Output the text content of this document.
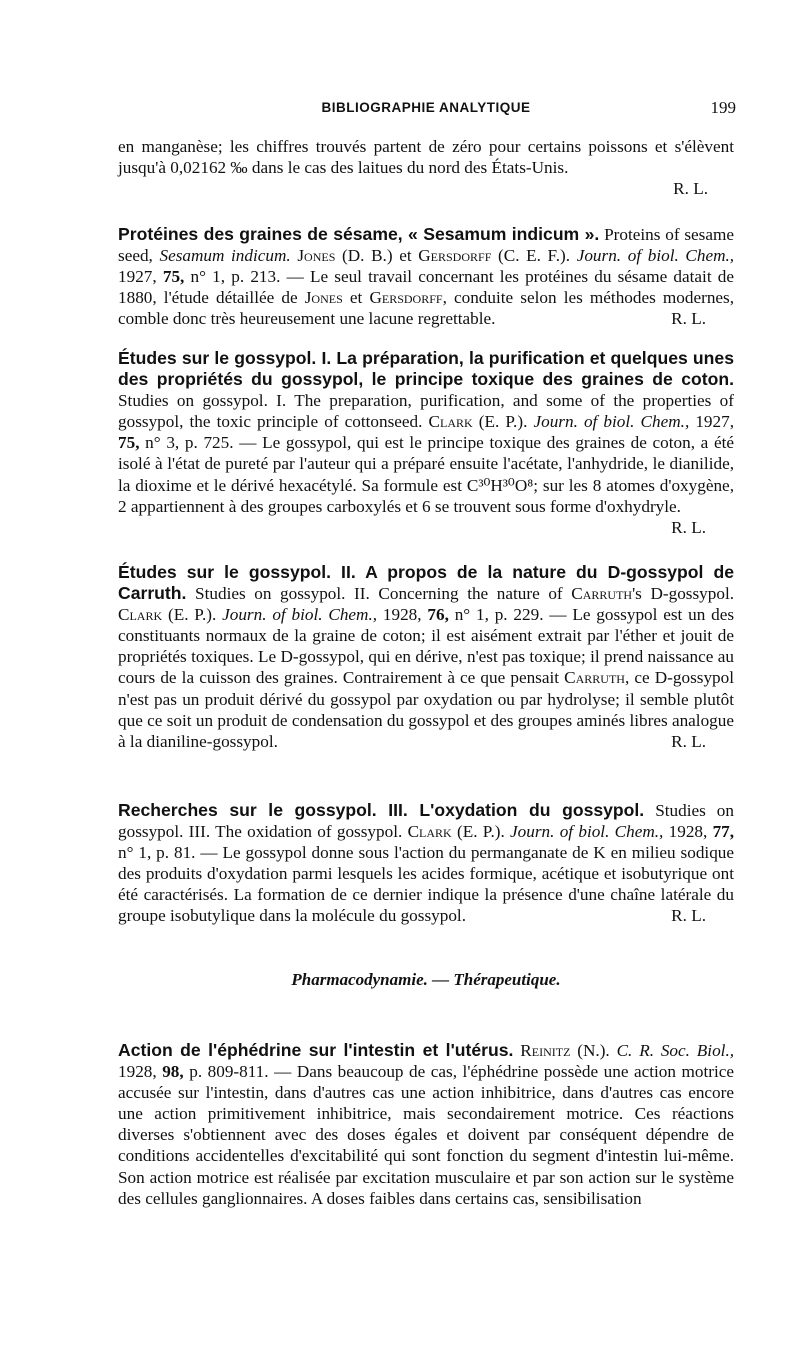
BIBLIOGRAPHIE ANALYTIQUE	199

en manganèse; les chiffres trouvés partent de zéro pour certains poissons et s'élèvent jusqu'à 0,02162 ‰ dans le cas des laitues du nord des États-Unis.
R. L.

Protéines des graines de sésame, « Sesamum indicum ». Proteins of sesame seed, Sesamum indicum. Jones (D. B.) et Gersdorff (C. E. F.). Journ. of biol. Chem., 1927, 75, n° 1, p. 213. — Le seul travail concernant les protéines du sésame datait de 1880, l'étude détaillée de Jones et Gersdorff, conduite selon les méthodes modernes, comble donc très heureusement une lacune regrettable.	R. L.

Études sur le gossypol. I. La préparation, la purification et quelques unes des propriétés du gossypol, le principe toxique des graines de coton. Studies on gossypol. I. The preparation, purification, and some of the properties of gossypol, the toxic principle of cottonseed. Clark (E. P.). Journ. of biol. Chem., 1927, 75, n° 3, p. 725. — Le gossypol, qui est le principe toxique des graines de coton, a été isolé à l'état de pureté par l'auteur qui a préparé ensuite l'acétate, l'anhydride, le dianilide, la dioxime et le dérivé hexacétylé. Sa formule est C³⁰H³⁰O⁸; sur les 8 atomes d'oxygène, 2 appartiennent à des groupes carboxylés et 6 se trouvent sous forme d'oxhydryle.
R. L.

Études sur le gossypol. II. A propos de la nature du D-gossypol de Carruth. Studies on gossypol. II. Concerning the nature of Carruth's D-gossypol. Clark (E. P.). Journ. of biol. Chem., 1928, 76, n° 1, p. 229. — Le gossypol est un des constituants normaux de la graine de coton; il est aisément extrait par l'éther et jouit de propriétés toxiques. Le D-gossypol, qui en dérive, n'est pas toxique; il prend naissance au cours de la cuisson des graines. Contrairement à ce que pensait Carruth, ce D-gossypol n'est pas un produit dérivé du gossypol par oxydation ou par hydrolyse; il semble plutôt que ce soit un produit de condensation du gossypol et des groupes aminés libres analogue à la dianiline-gossypol.	R. L.

Recherches sur le gossypol. III. L'oxydation du gossypol. Studies on gossypol. III. The oxidation of gossypol. Clark (E. P.). Journ. of biol. Chem., 1928, 77, n° 1, p. 81. — Le gossypol donne sous l'action du permanganate de K en milieu sodique des produits d'oxydation parmi lesquels les acides formique, acétique et isobutyrique ont été caractérisés. La formation de ce dernier indique la présence d'une chaîne latérale du groupe isobutylique dans la molécule du gossypol.	R. L.

Pharmacodynamie. — Thérapeutique.

Action de l'éphédrine sur l'intestin et l'utérus. Reinitz (N.). C. R. Soc. Biol., 1928, 98, p. 809-811. — Dans beaucoup de cas, l'éphédrine possède une action motrice accusée sur l'intestin, dans d'autres cas une action inhibitrice, dans d'autres cas encore une action primitivement inhibitrice, mais secondairement motrice. Ces réactions diverses s'obtiennent avec des doses égales et doivent par conséquent dépendre de conditions accidentelles d'excitabilité qui sont fonction du segment d'intestin lui-même. Son action motrice est réalisée par excitation musculaire et par son action sur le système des cellules ganglionnaires. A doses faibles dans certains cas, sensibilisation
